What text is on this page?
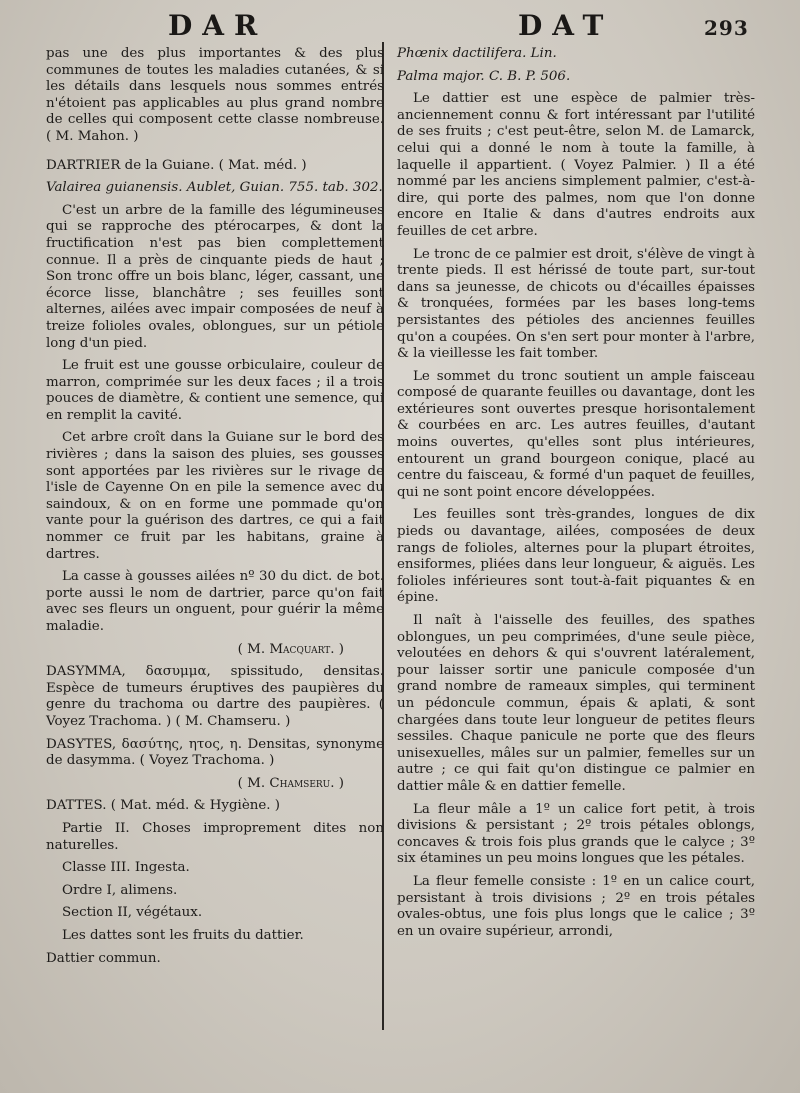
DAR	DAT	293

pas une des plus importantes & des plus communes de toutes les maladies cutanées, & si les détails dans lesquels nous sommes entrés n'étoient pas applicables au plus grand nombre de celles qui composent cette classe nombreuse. ( M. Mahon. )

DARTRIER de la Guiane. ( Mat. méd. )

Valairea guianensis. Aublet, Guian. 755. tab. 302.

C'est un arbre de la famille des légumineuses qui se rapproche des ptérocarpes, & dont la fructification n'est pas bien complettement connue. Il a près de cinquante pieds de haut ; Son tronc offre un bois blanc, léger, cassant, une écorce lisse, blanchâtre ; ses feuilles sont alternes, ailées avec impair composées de neuf à treize folioles ovales, oblongues, sur un pétiole long d'un pied.

Le fruit est une gousse orbiculaire, couleur de marron, comprimée sur les deux faces ; il a trois pouces de diamètre, & contient une semence, qui en remplit la cavité.

Cet arbre croît dans la Guiane sur le bord des rivières ; dans la saison des pluies, ses gousses sont apportées par les rivières sur le rivage de l'isle de Cayenne On en pile la semence avec du saindoux, & on en forme une pommade qu'on vante pour la guérison des dartres, ce qui a fait nommer ce fruit par les habitans, graine à dartres.

La casse à gousses ailées nº 30 du dict. de bot. porte aussi le nom de dartrier, parce qu'on fait avec ses fleurs un onguent, pour guérir la même maladie.

( M. Macquart. )

DASYMMA, δασυμμα, spissitudo, densitas. Espèce de tumeurs éruptives des paupières du genre du trachoma ou dartre des paupières. ( Voyez Trachoma. ) ( M. Chamseru. )

DASYTES, δασύτης, ητος, η. Densitas, synonyme de dasymma. ( Voyez Trachoma. )

( M. Chamseru. )

DATTES. ( Mat. méd. & Hygiène. )

Partie II. Choses improprement dites non naturelles.

Classe III. Ingesta.

Ordre I, alimens.

Section II, végétaux.

Les dattes sont les fruits du dattier.

Dattier commun.

Phœnix dactilifera. Lin.

Palma major. C. B. P. 506.

Le dattier est une espèce de palmier très-anciennement connu & fort intéressant par l'utilité de ses fruits ; c'est peut-être, selon M. de Lamarck, celui qui a donné le nom à toute la famille, à laquelle il appartient. ( Voyez Palmier. ) Il a été nommé par les anciens simplement palmier, c'est-à-dire, qui porte des palmes, nom que l'on donne encore en Italie & dans d'autres endroits aux feuilles de cet arbre.

Le tronc de ce palmier est droit, s'élève de vingt à trente pieds. Il est hérissé de toute part, sur-tout dans sa jeunesse, de chicots ou d'écailles épaisses & tronquées, formées par les bases long-tems persistantes des pétioles des anciennes feuilles qu'on a coupées. On s'en sert pour monter à l'arbre, & la vieillesse les fait tomber.

Le sommet du tronc soutient un ample faisceau composé de quarante feuilles ou davantage, dont les extérieures sont ouvertes presque horisontalement & courbées en arc. Les autres feuilles, d'autant moins ouvertes, qu'elles sont plus intérieures, entourent un grand bourgeon conique, placé au centre du faisceau, & formé d'un paquet de feuilles, qui ne sont point encore développées.

Les feuilles sont très-grandes, longues de dix pieds ou davantage, ailées, composées de deux rangs de folioles, alternes pour la plupart étroites, ensiformes, pliées dans leur longueur, & aiguës. Les folioles inférieures sont tout-à-fait piquantes & en épine.

Il naît à l'aisselle des feuilles, des spathes oblongues, un peu comprimées, d'une seule pièce, veloutées en dehors & qui s'ouvrent latéralement, pour laisser sortir une panicule composée d'un grand nombre de rameaux simples, qui terminent un pédoncule commun, épais & aplati, & sont chargées dans toute leur longueur de petites fleurs sessiles. Chaque panicule ne porte que des fleurs unisexuelles, mâles sur un palmier, femelles sur un autre ; ce qui fait qu'on distingue ce palmier en dattier mâle & en dattier femelle.

La fleur mâle a 1º un calice fort petit, à trois divisions & persistant ; 2º trois pétales oblongs, concaves & trois fois plus grands que le calyce ; 3º six étamines un peu moins longues que les pétales.

La fleur femelle consiste : 1º en un calice court, persistant à trois divisions ; 2º en trois pétales ovales-obtus, une fois plus longs que le calice ; 3º en un ovaire supérieur, arrondi,
